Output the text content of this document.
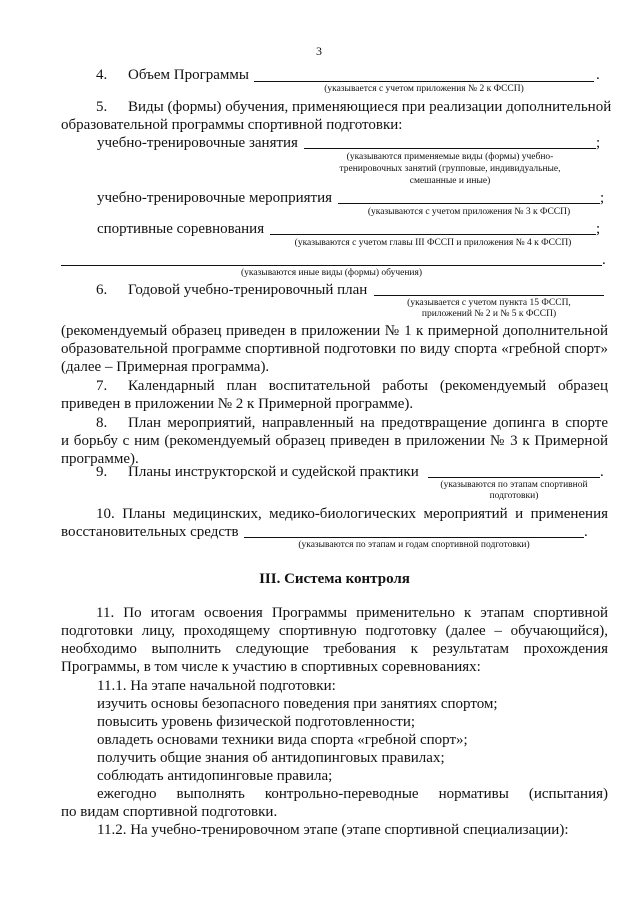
3
4. Объем Программы	.
(указывается с учетом приложения № 2 к ФССП)
5. Виды (формы) обучения, применяющиеся при реализации дополнительной
образовательной программы спортивной подготовки:
учебно-тренировочные занятия	;
(указываются применяемые виды (формы) учебно-
тренировочных занятий (групповые, индивидуальные,
смешанные и иные)
учебно-тренировочные мероприятия	;
(указываются с учетом приложения № 3 к ФССП)
спортивные соревнования	;
(указываются с учетом главы III ФССП и приложения № 4 к ФССП)
.
(указываются иные виды (формы) обучения)
6. Годовой учебно-тренировочный план
(указывается с учетом пункта 15 ФССП,
приложений № 2 и № 5 к ФССП)
(рекомендуемый образец приведен в приложении № 1 к примерной дополнительной
образовательной программе спортивной подготовки по виду спорта «гребной спорт»
(далее – Примерная программа).
7. Календарный план воспитательной работы (рекомендуемый образец
приведен в приложении № 2 к Примерной программе).
8. План мероприятий, направленный на предотвращение допинга в спорте
и борьбу с ним (рекомендуемый образец приведен в приложении № 3 к Примерной
программе).
9. Планы инструкторской и судейской практики	.
(указываются по этапам спортивной
подготовки)
10. Планы медицинских, медико-биологических мероприятий и применения
восстановительных средств	.
(указываются по этапам и годам спортивной подготовки)
III. Система контроля
11. По итогам освоения Программы применительно к этапам спортивной
подготовки лицу, проходящему спортивную подготовку (далее – обучающийся),
необходимо выполнить следующие требования к результатам прохождения
Программы, в том числе к участию в спортивных соревнованиях:
11.1. На этапе начальной подготовки:
изучить основы безопасного поведения при занятиях спортом;
повысить уровень физической подготовленности;
овладеть основами техники вида спорта «гребной спорт»;
получить общие знания об антидопинговых правилах;
соблюдать антидопинговые правила;
ежегодно выполнять контрольно-переводные нормативы (испытания)
по видам спортивной подготовки.
11.2. На учебно-тренировочном этапе (этапе спортивной специализации):
